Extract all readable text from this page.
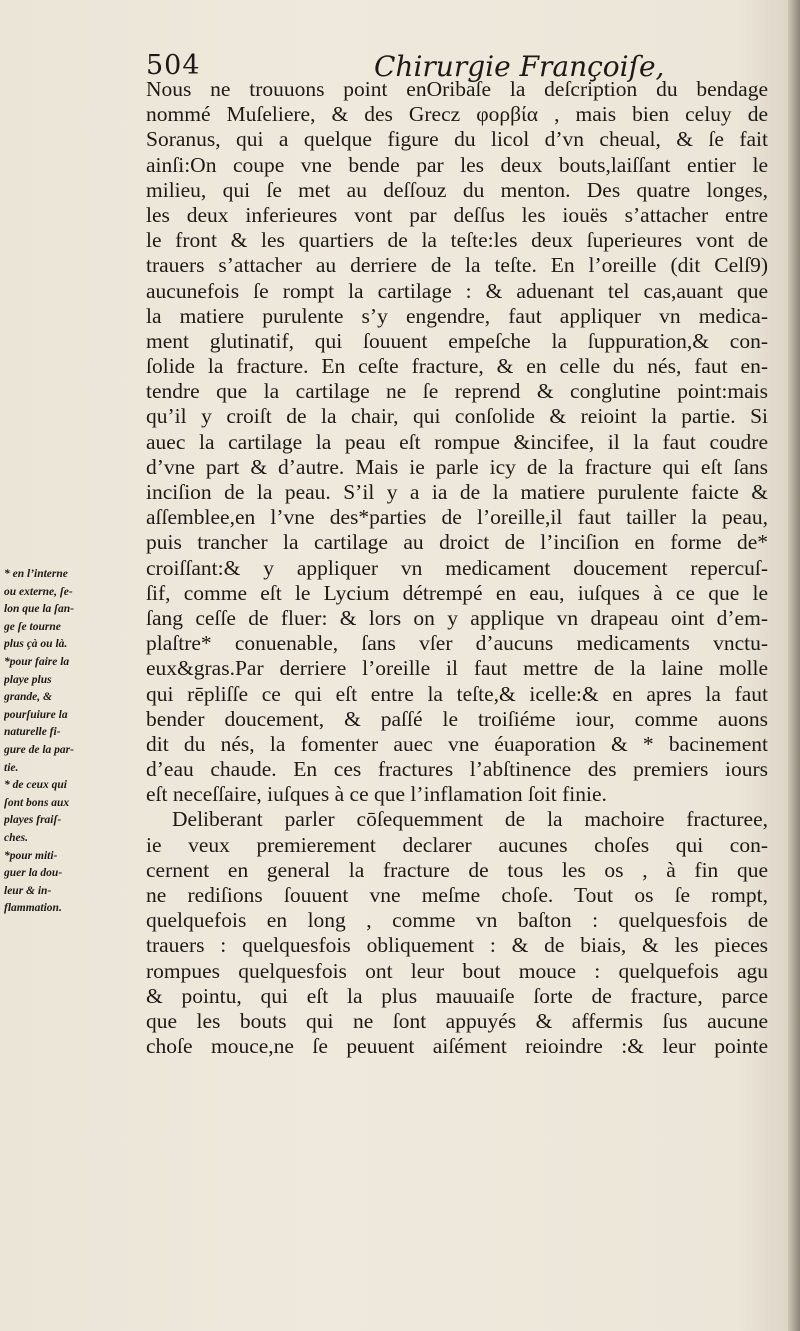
504	Chirurgie Françoiſe,
Nous ne trouuons point enOribaſe la deſcription du bendage
nommé Muſeliere, & des Grecz φορβία , mais bien celuy de
Soranus, qui a quelque figure du licol d’vn cheual, & ſe fait
ainſi:On coupe vne bende par les deux bouts,laiſſant entier le
milieu, qui ſe met au deſſouz du menton. Des quatre longes,
les deux inferieures vont par deſſus les iouës s’attacher entre
le front & les quartiers de la teſte:les deux ſuperieures vont de
trauers s’attacher au derriere de la teſte. En l’oreille (dit Celſ9)
aucunefois ſe rompt la cartilage : & aduenant tel cas,auant que
la matiere purulente s’y engendre, faut appliquer vn medica-
ment glutinatif, qui ſouuent empeſche la ſuppuration,& con-
ſolide la fracture. En ceſte fracture, & en celle du nés, faut en-
tendre que la cartilage ne ſe reprend & conglutine point:mais
qu’il y croiſt de la chair, qui conſolide & reioint la partie. Si
auec la cartilage la peau eſt rompue &incifee, il la faut coudre
d’vne part & d’autre. Mais ie parle icy de la fracture qui eſt ſans
inciſion de la peau. S’il y a ia de la matiere purulente faicte &
aſſemblee,en l’vne des*parties de l’oreille,il faut tailler la peau,
puis trancher la cartilage au droict de l’inciſion en forme de*
croiſſant:& y appliquer vn medicament doucement repercuſ-
ſif, comme eſt le Lycium détrempé en eau, iuſques à ce que le
ſang ceſſe de fluer: & lors on y applique vn drapeau oint d’em-
plaſtre* conuenable, ſans vſer d’aucuns medicaments vnctu-
eux&gras.Par derriere l’oreille il faut mettre de la laine molle
qui rēpliſſe ce qui eſt entre la teſte,& icelle:& en apres la faut
bender doucement, & paſſé le troiſiéme iour, comme auons
dit du nés, la fomenter auec vne éuaporation & * bacinement
d’eau chaude. En ces fractures l’abſtinence des premiers iours
eſt neceſſaire, iuſques à ce que l’inflamation ſoit finie.
Deliberant parler cōſequemment de la machoire fracturee,
ie veux premierement declarer aucunes choſes qui con-
cernent en general la fracture de tous les os , à fin que
ne rediſions ſouuent vne meſme choſe. Tout os ſe rompt,
quelquefois en long , comme vn baſton : quelquesfois de
trauers : quelquesfois obliquement : & de biais, & les pieces
rompues quelquesfois ont leur bout mouce : quelquefois agu
& pointu, qui eſt la plus mauuaiſe ſorte de fracture, parce
que les bouts qui ne ſont appuyés & affermis ſus aucune
choſe mouce,ne ſe peuuent aiſément reioindre :& leur pointe
* en l’interne
ou externe, ſe-
lon que la ſan-
ge ſe tourne
plus çà ou là.
*pour faire la
playe plus
grande, &
pourſuiure la
naturelle fi-
gure de la par-
tie.
* de ceux qui
ſont bons aux
playes fraiſ-
ches.
*pour miti-
guer la dou-
leur & in-
flammation.
